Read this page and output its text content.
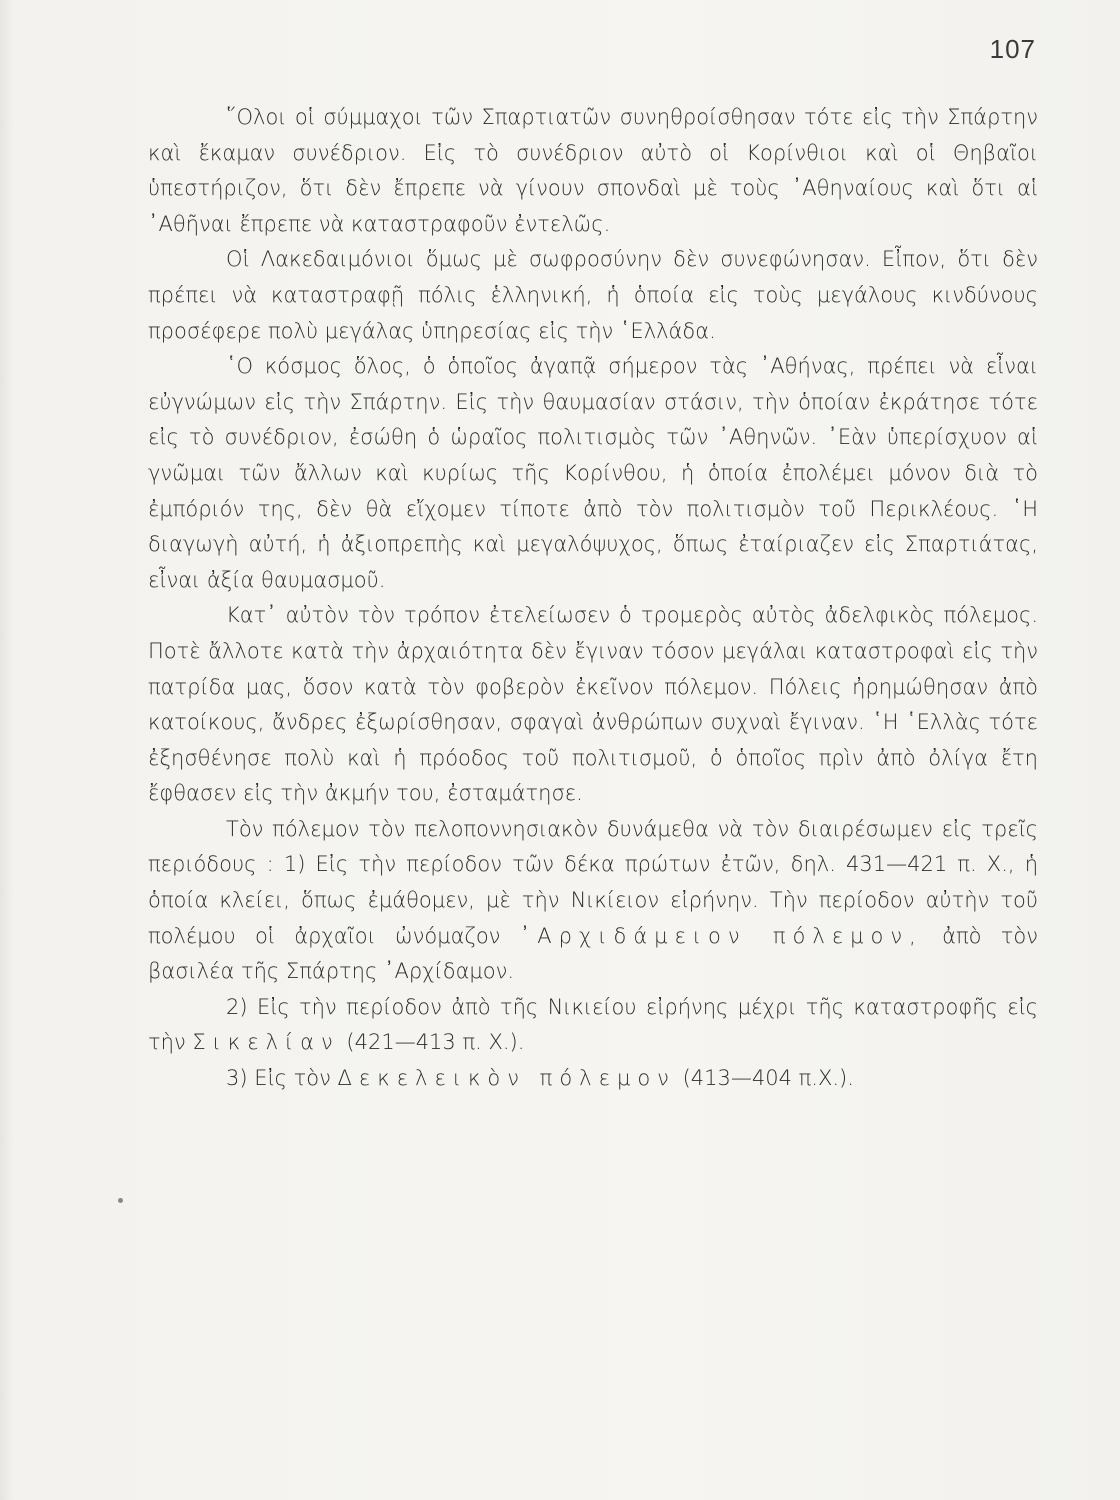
107

῞Ολοι οἱ σύμμαχοι τῶν Σπαρτιατῶν συνηθροίσθησαν τότε εἰς τὴν Σπάρτην καὶ ἔκαμαν συνέδριον. Εἰς τὸ συνέδριον αὐτὸ οἱ Κορίνθιοι καὶ οἱ Θηβαῖοι ὑπεστήριζον, ὅτι δὲν ἔπρεπε νὰ γίνουν σπονδαὶ μὲ τοὺς ᾿Αθηναίους καὶ ὅτι αἱ ᾿Αθῆναι ἔπρεπε νὰ καταστραφοῦν ἐντελῶς.

Οἱ Λακεδαιμόνιοι ὅμως μὲ σωφροσύνην δὲν συνεφώνησαν. Εἶπον, ὅτι δὲν πρέπει νὰ καταστραφῇ πόλις ἑλληνική, ἡ ὁποία εἰς τοὺς μεγάλους κινδύνους προσέφερε πολὺ μεγάλας ὑπηρεσίας εἰς τὴν ῾Ελλάδα.

῾Ο κόσμος ὅλος, ὁ ὁποῖος ἀγαπᾷ σήμερον τὰς ᾿Αθήνας, πρέπει νὰ εἶναι εὐγνώμων εἰς τὴν Σπάρτην. Εἰς τὴν θαυμασίαν στάσιν, τὴν ὁποίαν ἐκράτησε τότε εἰς τὸ συνέδριον, ἐσώθη ὁ ὡραῖος πολιτισμὸς τῶν ᾿Αθηνῶν. ᾿Εὰν ὑπερίσχυον αἱ γνῶμαι τῶν ἄλλων καὶ κυρίως τῆς Κορίνθου, ἡ ὁποία ἐπολέμει μόνον διὰ τὸ ἐμπόριόν της, δὲν θὰ εἴχομεν τίποτε ἀπὸ τὸν πολιτισμὸν τοῦ Περικλέους. ῾Η διαγωγὴ αὐτή, ἡ ἀξιοπρεπὴς καὶ μεγαλόψυχος, ὅπως ἐταίριαζεν εἰς Σπαρτιάτας, εἶναι ἀξία θαυμασμοῦ.

Κατ᾿ αὐτὸν τὸν τρόπον ἐτελείωσεν ὁ τρομερὸς αὐτὸς ἀδελφικὸς πόλεμος. Ποτὲ ἄλλοτε κατὰ τὴν ἀρχαιότητα δὲν ἔγιναν τόσον μεγάλαι καταστροφαὶ εἰς τὴν πατρίδα μας, ὅσον κατὰ τὸν φοβερὸν ἐκεῖνον πόλεμον. Πόλεις ἠρημώθησαν ἀπὸ κατοίκους, ἄνδρες ἐξωρίσθησαν, σφαγαὶ ἀνθρώπων συχναὶ ἔγιναν. ῾Η ῾Ελλὰς τότε ἐξησθένησε πολὺ καὶ ἡ πρόοδος τοῦ πολιτισμοῦ, ὁ ὁποῖος πρὶν ἀπὸ ὀλίγα ἔτη ἔφθασεν εἰς τὴν ἀκμήν του, ἐσταμάτησε.

Τὸν πόλεμον τὸν πελοποννησιακὸν δυνάμεθα νὰ τὸν διαιρέσωμεν εἰς τρεῖς περιόδους : 1) Εἰς τὴν περίοδον τῶν δέκα πρώτων ἐτῶν, δηλ. 431—421 π. Χ., ἡ ὁποία κλείει, ὅπως ἐμάθομεν, μὲ τὴν Νικίειον εἰρήνην. Τὴν περίοδον αὐτὴν τοῦ πολέμου οἱ ἀρχαῖοι ὠνόμαζον ᾿Αρχιδάμειον πόλεμον, ἀπὸ τὸν βασιλέα τῆς Σπάρτης ᾿Αρχίδαμον.

2) Εἰς τὴν περίοδον ἀπὸ τῆς Νικιείου εἰρήνης μέχρι τῆς καταστροφῆς εἰς τὴν Σικελίαν (421—413 π. Χ.).

3) Εἰς τὸν Δεκελεικὸν πόλεμον (413—404 π.Χ.).
